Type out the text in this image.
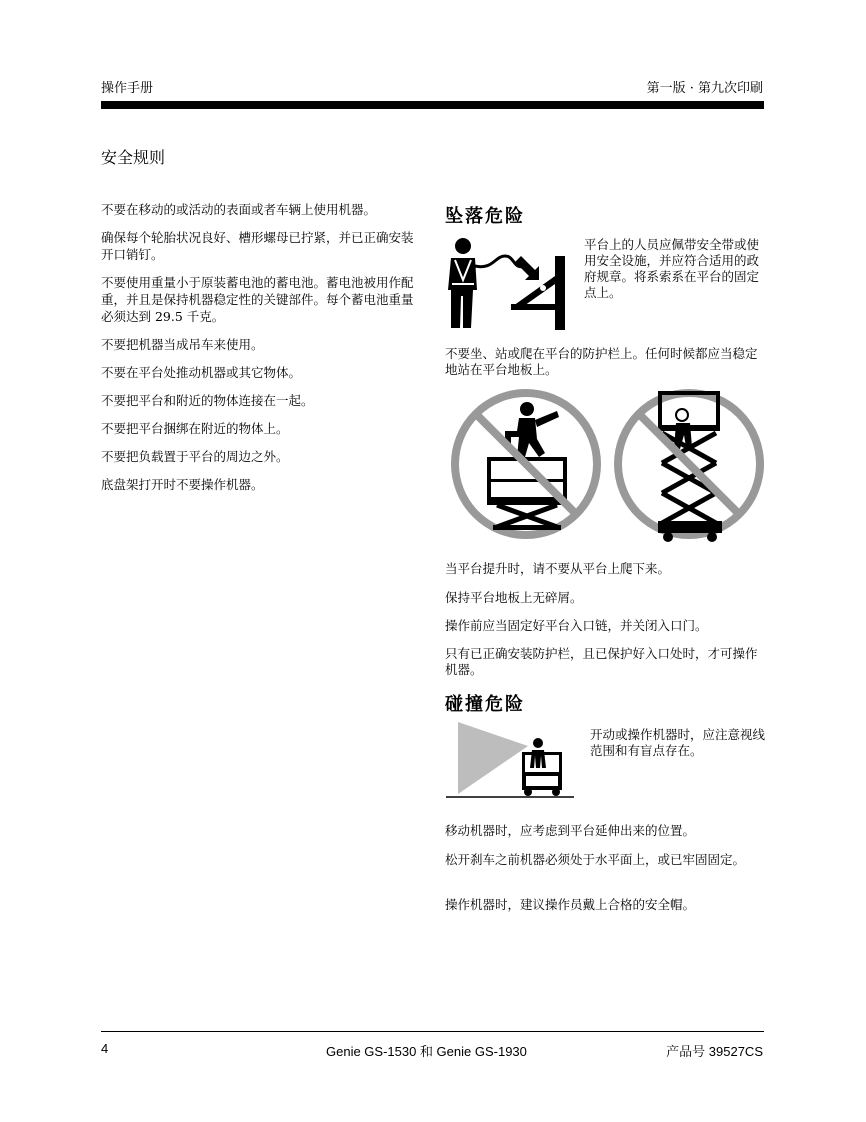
操作手册	第一版 · 第九次印刷
安全规则

不要在移动的或活动的表面或者车辆上使用机器。

确保每个轮胎状况良好、槽形螺母已拧紧，并已正确安装开口销钉。

不要使用重量小于原装蓄电池的蓄电池。蓄电池被用作配重，并且是保持机器稳定性的关键部件。每个蓄电池重量必须达到 29.5 千克。

不要把机器当成吊车来使用。

不要在平台处推动机器或其它物体。

不要把平台和附近的物体连接在一起。

不要把平台捆绑在附近的物体上。

不要把负载置于平台的周边之外。

底盘架打开时不要操作机器。

坠落危险
平台上的人员应佩带安全带或使用安全设施，并应符合适用的政府规章。将系索系在平台的固定点上。
不要坐、站或爬在平台的防护栏上。任何时候都应当稳定地站在平台地板上。
当平台提升时，请不要从平台上爬下来。
保持平台地板上无碎屑。
操作前应当固定好平台入口链，并关闭入口门。
只有已正确安装防护栏，且已保护好入口处时，才可操作机器。
碰撞危险
开动或操作机器时，应注意视线范围和有盲点存在。
移动机器时，应考虑到平台延伸出来的位置。
松开刹车之前机器必须处于水平面上，或已牢固固定。
操作机器时，建议操作员戴上合格的安全帽。
4	Genie GS-1530 和 Genie GS-1930	产品号 39527CS
